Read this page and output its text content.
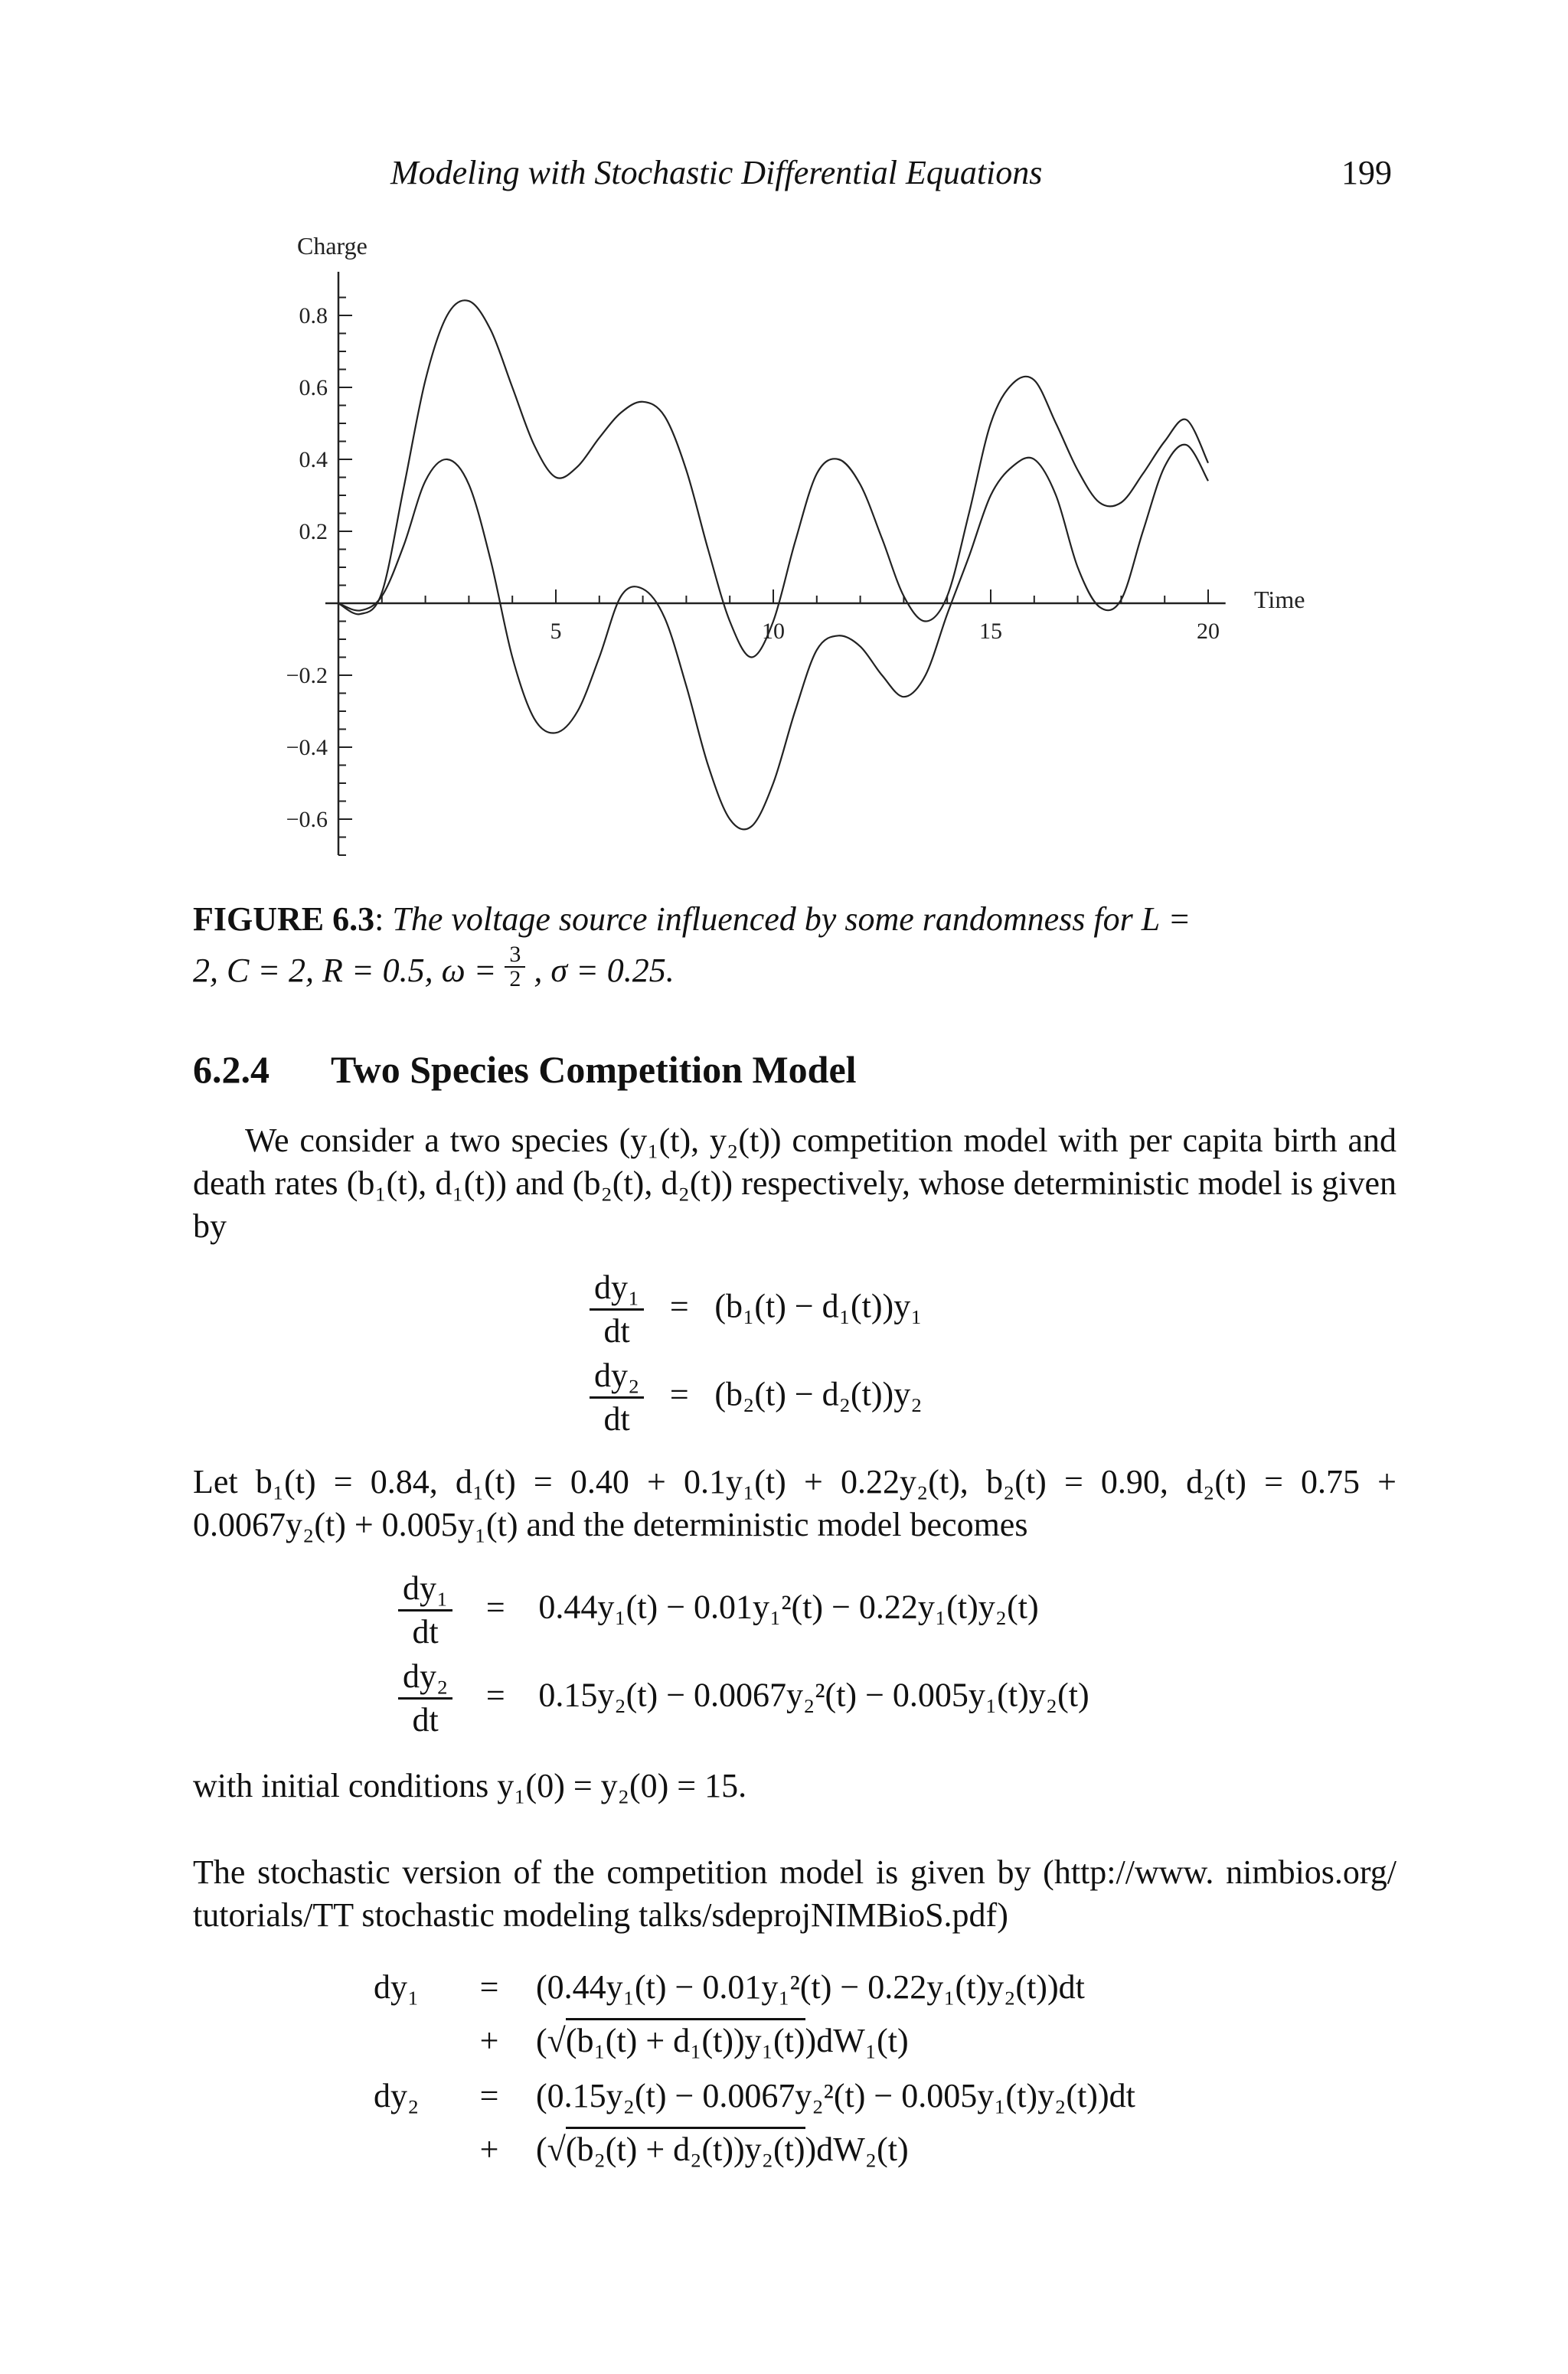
Modeling with Stochastic Differential Equations	199
5	10	15	20
0.8
0.6
0.4
0.2
−0.2
−0.4
−0.6
Charge
Time
FIGURE 6.3: The voltage source influenced by some randomness for L =
2, C = 2, R = 0.5, $\omega = \frac{3}{2}$ , σ = 0.25.
6.2.4 Two Species Competition Model
We consider a two species (y₁(t), y₂(t)) competition model with per capita birth and death rates (b₁(t), d₁(t)) and (b₂(t), d₂(t)) respectively, whose deterministic model is given by
$\frac{\text{dy₁}}{dt} = (b_1(t) - d_1(t))y_1$
$\frac{\text{dy₂}}{dt} = (b_2(t) - d_2(t))y_2$
Let b₁(t) = 0.84, d₁(t) = 0.40 + 0.1y₁(t) + 0.22y₂(t), b₂(t) = 0.90, d₂(t) = 0.75 + 0.0067y₂(t) + 0.005y₁(t) and the deterministic model becomes
$\frac{\text{dy₁}}{dt} = 0.44y_1(t) - 0.01y_1^2(t) - 0.22y_1(t)y_2(t)$
$\frac{\text{dy₂}}{dt} = 0.15y_2(t) - 0.0067y_2^2(t) - 0.005y_1(t)y_2(t)$
with initial conditions y₁(0) = y₂(0) = 15.
The stochastic version of the competition model is given by (http://www. nimbios.org/ tutorials/TT stochastic modeling talks/sdeprojNIMBioS.pdf)
dy₁ = (0.44y₁(t) − 0.01y₁²(t) − 0.22y₁(t)y₂(t))dt
+ (√(b₁(t) + d₁(t))y₁(t))dW₁(t)
dy₂ = (0.15y₂(t) − 0.0067y₂²(t) − 0.005y₁(t)y₂(t))dt
+ (√(b₂(t) + d₂(t))y₂(t))dW₂(t)
